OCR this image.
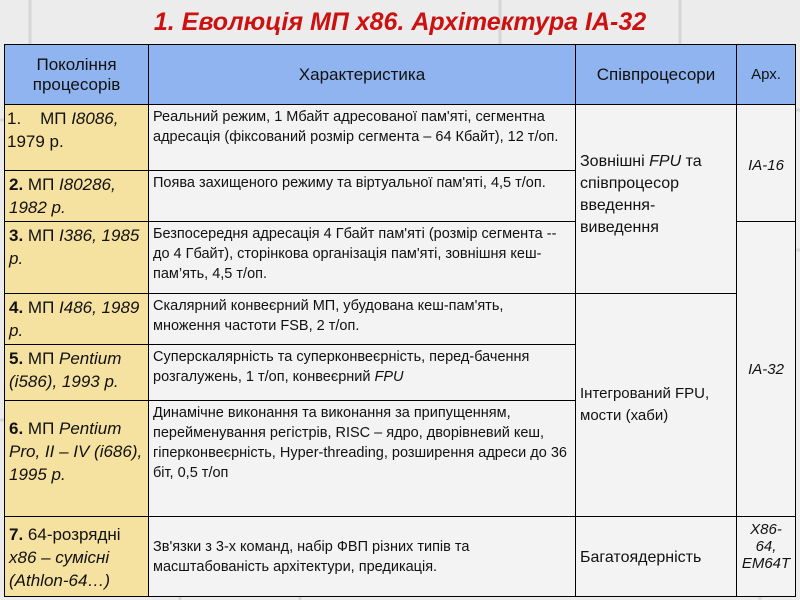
1. Еволюція МП х86. Архітектура ІА-32
Покоління процесорів	Характеристика	Співпроцесори	Арх.
1. МП І8086,
1979 р.	Реальний режим, 1 Мбайт адресованої пам'яті, сегментна адресація (фіксований розмір сегмента – 64 Кбайт), 12 т/оп.	Зовнішні FPU та співпроцесор введення-виведення	ІА-16
2. МП І80286, 1982 р.	Поява захищеного режиму та віртуальної пам'яті, 4,5 т/оп.		
3. МП І386, 1985 р.	Безпосередня адресація 4 Гбайт пам'яті (розмір сегмента -- до 4 Гбайт), сторінкова організація пам'яті, зовнішня кеш-пам’ять, 4,5 т/оп.		ІА-32
4. МП І486, 1989 р.	Скалярний конвеєрний МП, убудована кеш-пам'ять, множення частоти FSB, 2 т/оп.	Інтегрований FPU, мости (хаби)	
5. МП Pentium (i586), 1993 р.	Суперскалярність та суперконвеєрність, перед-бачення розгалужень, 1 т/оп, конвеєрний FPU		
6. МП Pentium Pro, II – IV (i686), 1995 р.	Динамічне виконання та виконання за припущенням, перейменування регістрів, RISC – ядро, дворівневий кеш, гіперконвеєрність, Hyper-threading, розширення адреси до 36 біт, 0,5 т/оп		
7. 64-розрядні x86 – сумісні (Athlon-64…)	Зв'язки з 3-х команд, набір ФВП різних типів та масштабованість архітектури, предикація.	Багатоядерність	X86-64, EM64T
